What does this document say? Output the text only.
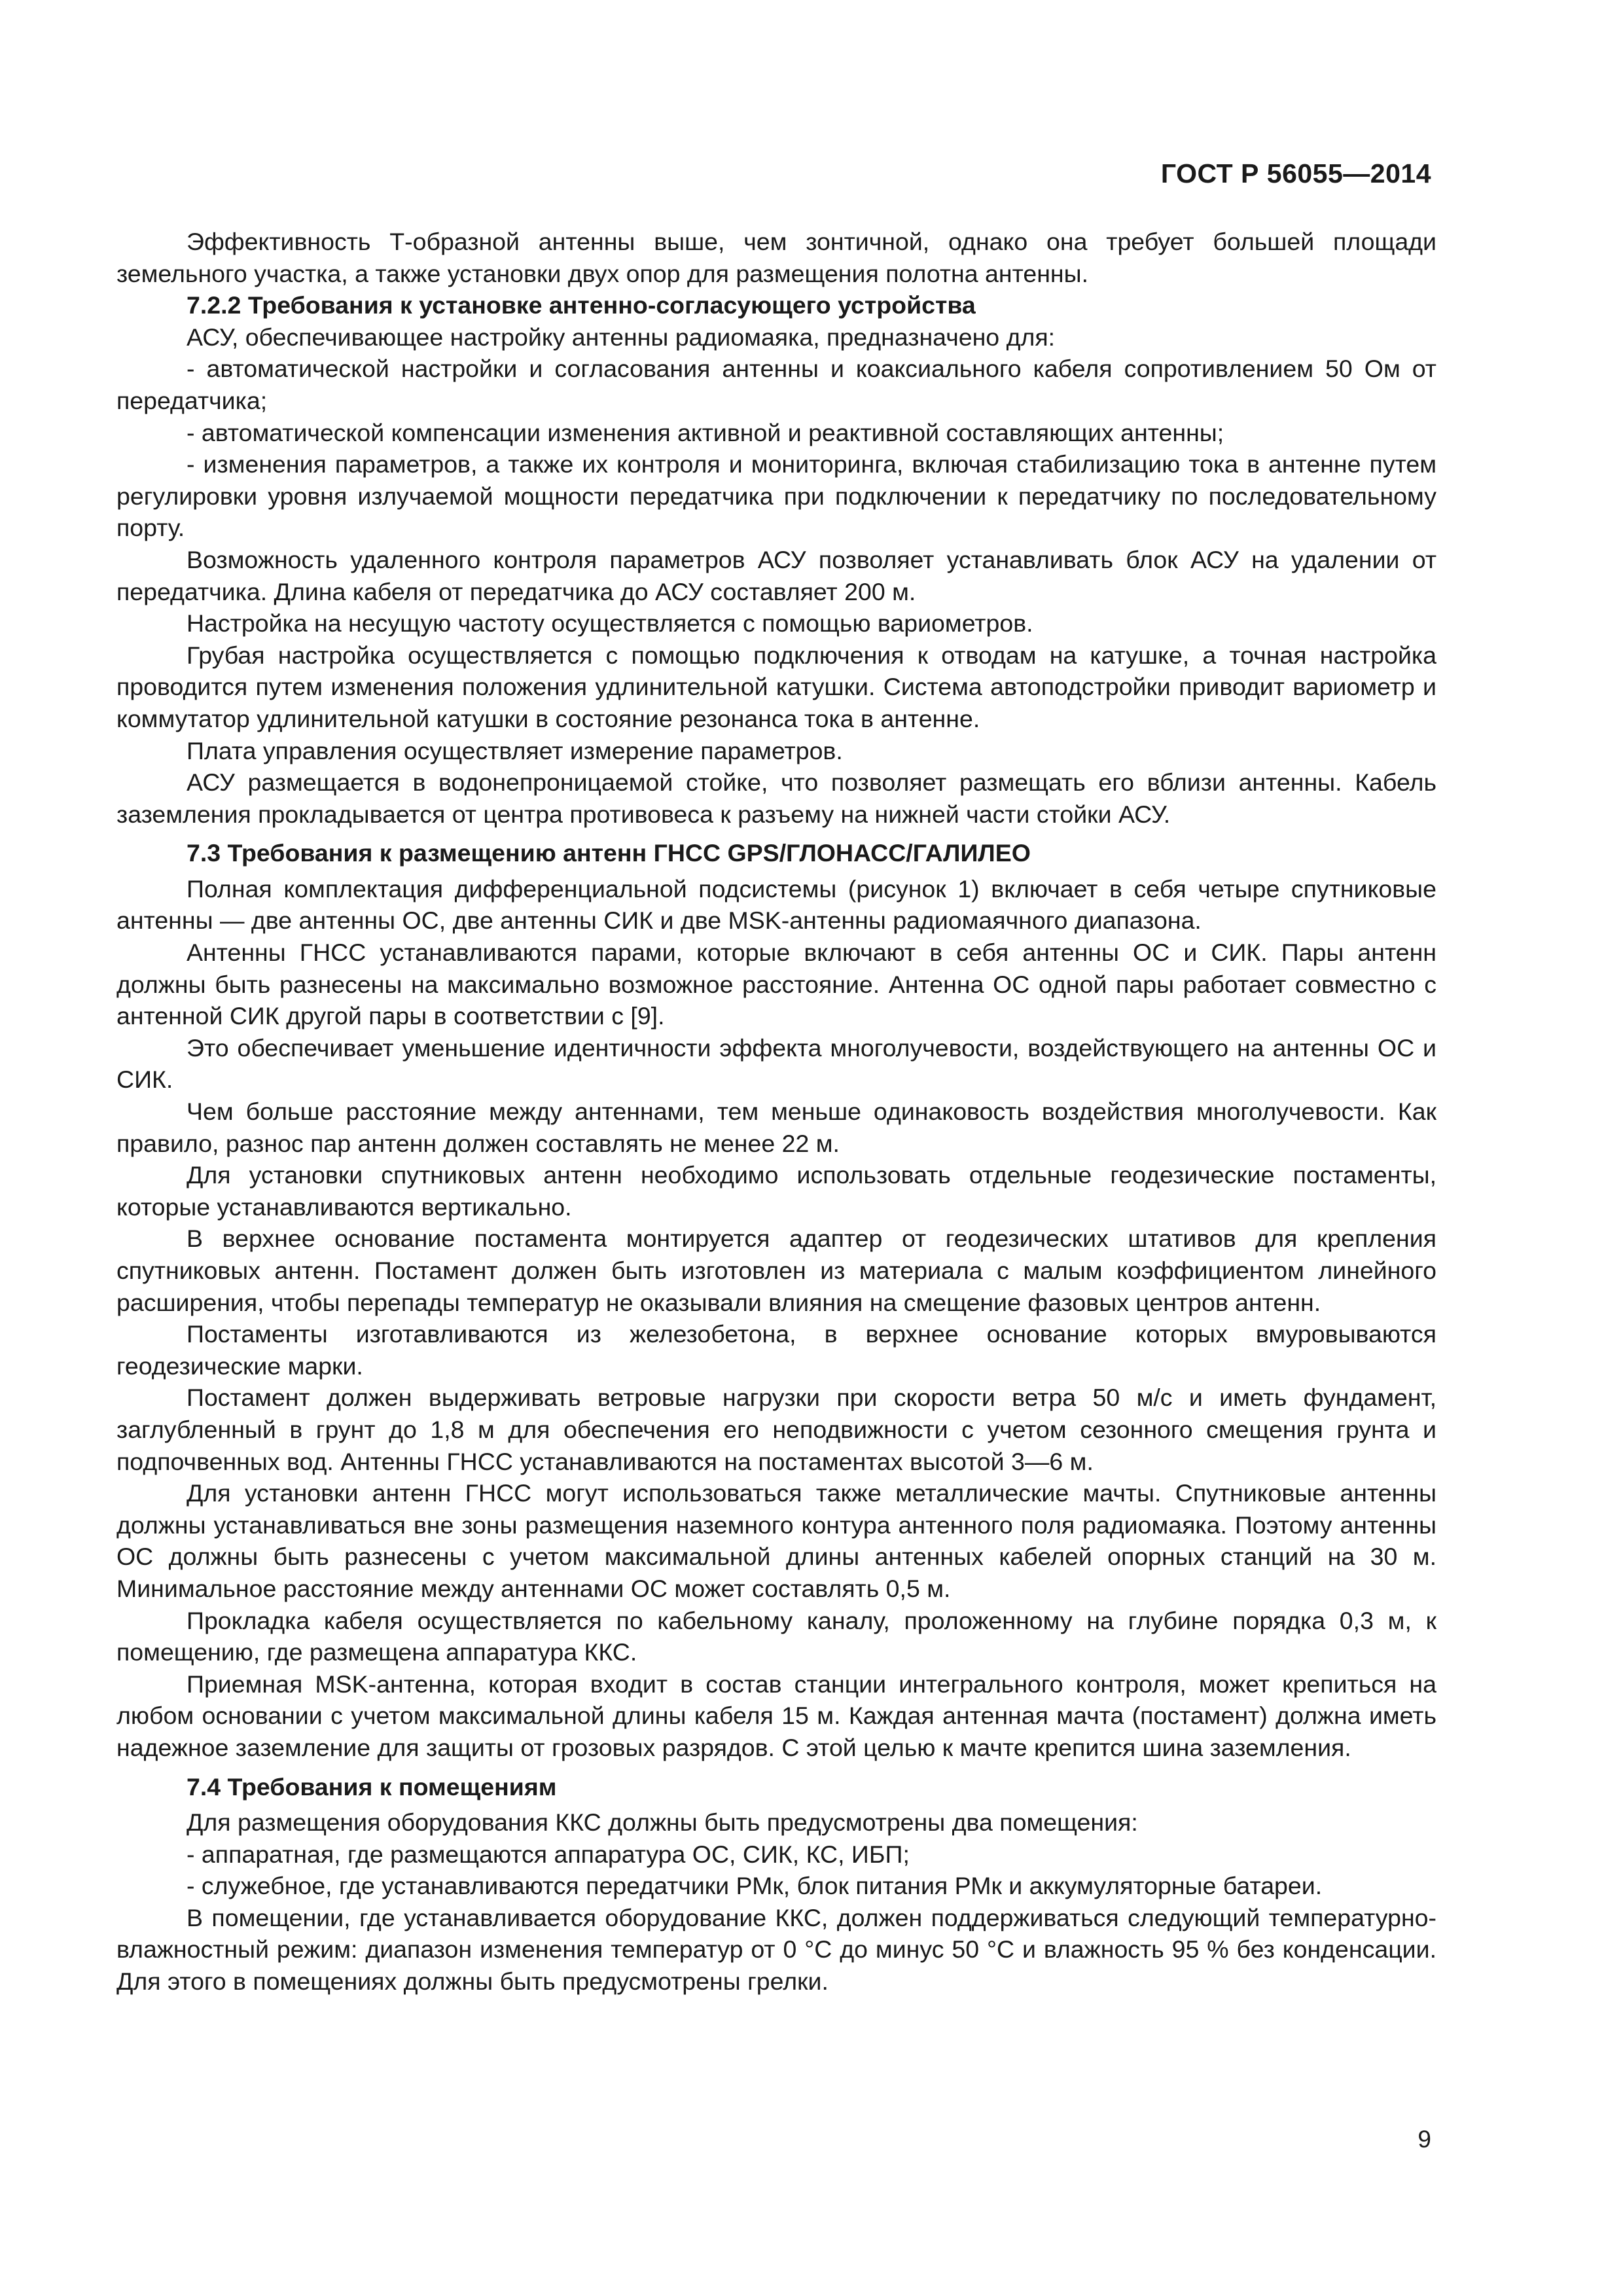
ГОСТ Р 56055—2014

Эффективность Т-образной антенны выше, чем зонтичной, однако она требует большей площади земельного участка, а также установки двух опор для размещения полотна антенны.

7.2.2 Требования к установке антенно-согласующего устройства

АСУ, обеспечивающее настройку антенны радиомаяка, предназначено для:

- автоматической настройки и согласования антенны и коаксиального кабеля сопротивлением 50 Ом от передатчика;

- автоматической компенсации изменения активной и реактивной составляющих антенны;

- изменения параметров, а также их контроля и мониторинга, включая стабилизацию тока в антенне путем регулировки уровня излучаемой мощности передатчика при подключении к передатчику по последовательному порту.

Возможность удаленного контроля параметров АСУ позволяет устанавливать блок АСУ на удалении от передатчика. Длина кабеля от передатчика до АСУ составляет 200 м.

Настройка на несущую частоту осуществляется с помощью вариометров.

Грубая настройка осуществляется с помощью подключения к отводам на катушке, а точная настройка проводится путем изменения положения удлинительной катушки. Система автоподстройки приводит вариометр и коммутатор удлинительной катушки в состояние резонанса тока в антенне.

Плата управления осуществляет измерение параметров.

АСУ размещается в водонепроницаемой стойке, что позволяет размещать его вблизи антенны. Кабель заземления прокладывается от центра противовеса к разъему на нижней части стойки АСУ.

7.3 Требования к размещению антенн ГНСС GPS/ГЛОНАСС/ГАЛИЛЕО

Полная комплектация дифференциальной подсистемы (рисунок 1) включает в себя четыре спутниковые антенны — две антенны ОС, две антенны СИК и две MSK-антенны радиомаячного диапазона.

Антенны ГНСС устанавливаются парами, которые включают в себя антенны ОС и СИК. Пары антенн должны быть разнесены на максимально возможное расстояние. Антенна ОС одной пары работает совместно с антенной СИК другой пары в соответствии с [9].

Это обеспечивает уменьшение идентичности эффекта многолучевости, воздействующего на антенны ОС и СИК.

Чем больше расстояние между антеннами, тем меньше одинаковость воздействия многолучевости. Как правило, разнос пар антенн должен составлять не менее 22 м.

Для установки спутниковых антенн необходимо использовать отдельные геодезические постаменты, которые устанавливаются вертикально.

В верхнее основание постамента монтируется адаптер от геодезических штативов для крепления спутниковых антенн. Постамент должен быть изготовлен из материала с малым коэффициентом линейного расширения, чтобы перепады температур не оказывали влияния на смещение фазовых центров антенн.

Постаменты изготавливаются из железобетона, в верхнее основание которых вмуровываются геодезические марки.

Постамент должен выдерживать ветровые нагрузки при скорости ветра 50 м/с и иметь фундамент, заглубленный в грунт до 1,8 м для обеспечения его неподвижности с учетом сезонного смещения грунта и подпочвенных вод. Антенны ГНСС устанавливаются на постаментах высотой 3—6 м.

Для установки антенн ГНСС могут использоваться также металлические мачты. Спутниковые антенны должны устанавливаться вне зоны размещения наземного контура антенного поля радиомаяка. Поэтому антенны ОС должны быть разнесены с учетом максимальной длины антенных кабелей опорных станций на 30 м. Минимальное расстояние между антеннами ОС может составлять 0,5 м.

Прокладка кабеля осуществляется по кабельному каналу, проложенному на глубине порядка 0,3 м, к помещению, где размещена аппаратура ККС.

Приемная MSK-антенна, которая входит в состав станции интегрального контроля, может крепиться на любом основании с учетом максимальной длины кабеля 15 м. Каждая антенная мачта (постамент) должна иметь надежное заземление для защиты от грозовых разрядов. С этой целью к мачте крепится шина заземления.

7.4 Требования к помещениям

Для размещения оборудования ККС должны быть предусмотрены два помещения:

- аппаратная, где размещаются аппаратура ОС, СИК, КС, ИБП;

- служебное, где устанавливаются передатчики РМк, блок питания РМк и аккумуляторные батареи.

В помещении, где устанавливается оборудование ККС, должен поддерживаться следующий температурно-влажностный режим: диапазон изменения температур от 0 °С до минус 50 °С и влажность 95 % без конденсации. Для этого в помещениях должны быть предусмотрены грелки.

9
